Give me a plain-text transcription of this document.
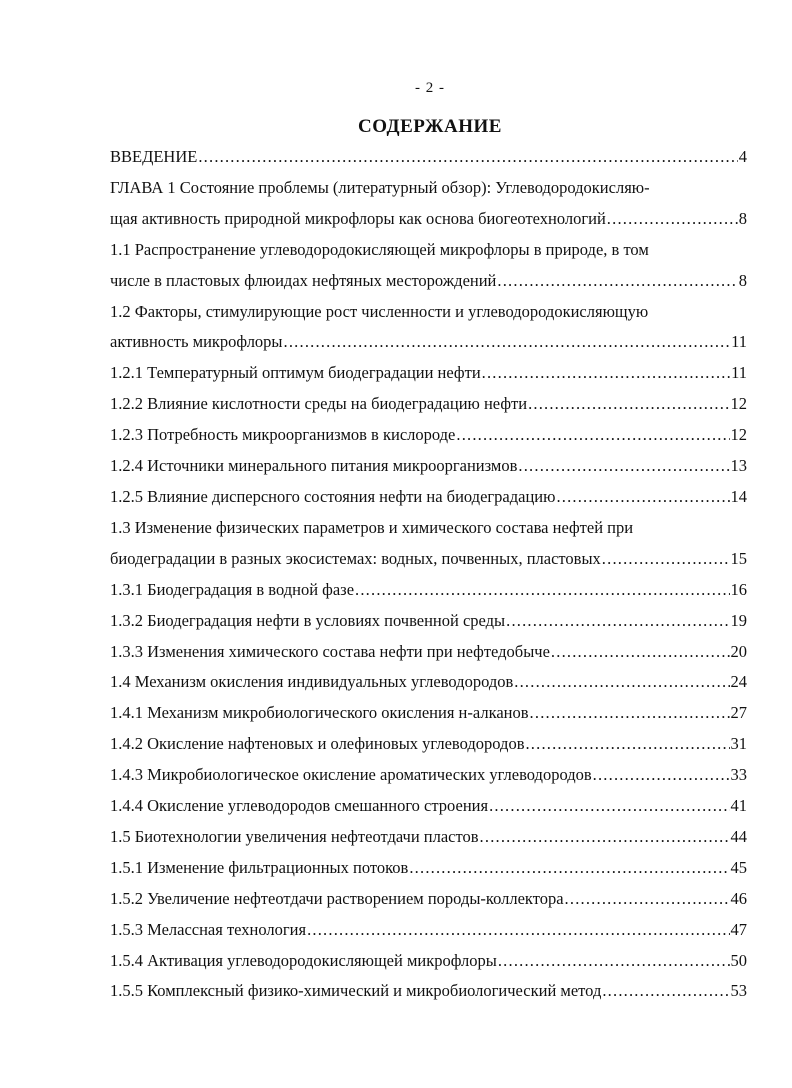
- 2 -
СОДЕРЖАНИЕ
ВВЕДЕНИЕ .....	4
ГЛАВА 1 Состояние проблемы (литературный обзор): Углеводородокисляю-
щая активность природной микрофлоры как основа биогеотехнологий .....	8
1.1 Распространение углеводородокисляющей микрофлоры в природе, в том
числе в пластовых флюидах нефтяных месторождений .....	8
1.2 Факторы, стимулирующие рост численности и углеводородокисляющую
активность микрофлоры .....	11
1.2.1 Температурный оптимум биодеградации нефти .....	11
1.2.2 Влияние кислотности среды на биодеградацию нефти .....	12
1.2.3 Потребность микроорганизмов в кислороде .....	12
1.2.4 Источники минерального питания микроорганизмов .....	13
1.2.5 Влияние дисперсного состояния нефти на биодеградацию .....	14
1.3 Изменение физических параметров и химического состава нефтей при
биодеградации в разных экосистемах: водных, почвенных, пластовых .....	15
1.3.1 Биодеградация в водной фазе .....	16
1.3.2 Биодеградация нефти в условиях почвенной среды .....	19
1.3.3 Изменения химического состава нефти при нефтедобыче .....	20
1.4 Механизм окисления индивидуальных углеводородов .....	24
1.4.1 Механизм микробиологического окисления н-алканов .....	27
1.4.2 Окисление нафтеновых и олефиновых углеводородов .....	31
1.4.3 Микробиологическое окисление ароматических углеводородов .....	33
1.4.4 Окисление углеводородов смешанного строения .....	41
1.5 Биотехнологии увеличения нефтеотдачи пластов .....	44
1.5.1 Изменение фильтрационных потоков .....	45
1.5.2 Увеличение нефтеотдачи растворением породы-коллектора .....	46
1.5.3 Мелассная технология .....	47
1.5.4 Активация углеводородокисляющей микрофлоры .....	50
1.5.5 Комплексный физико-химический и микробиологический метод .....	53
